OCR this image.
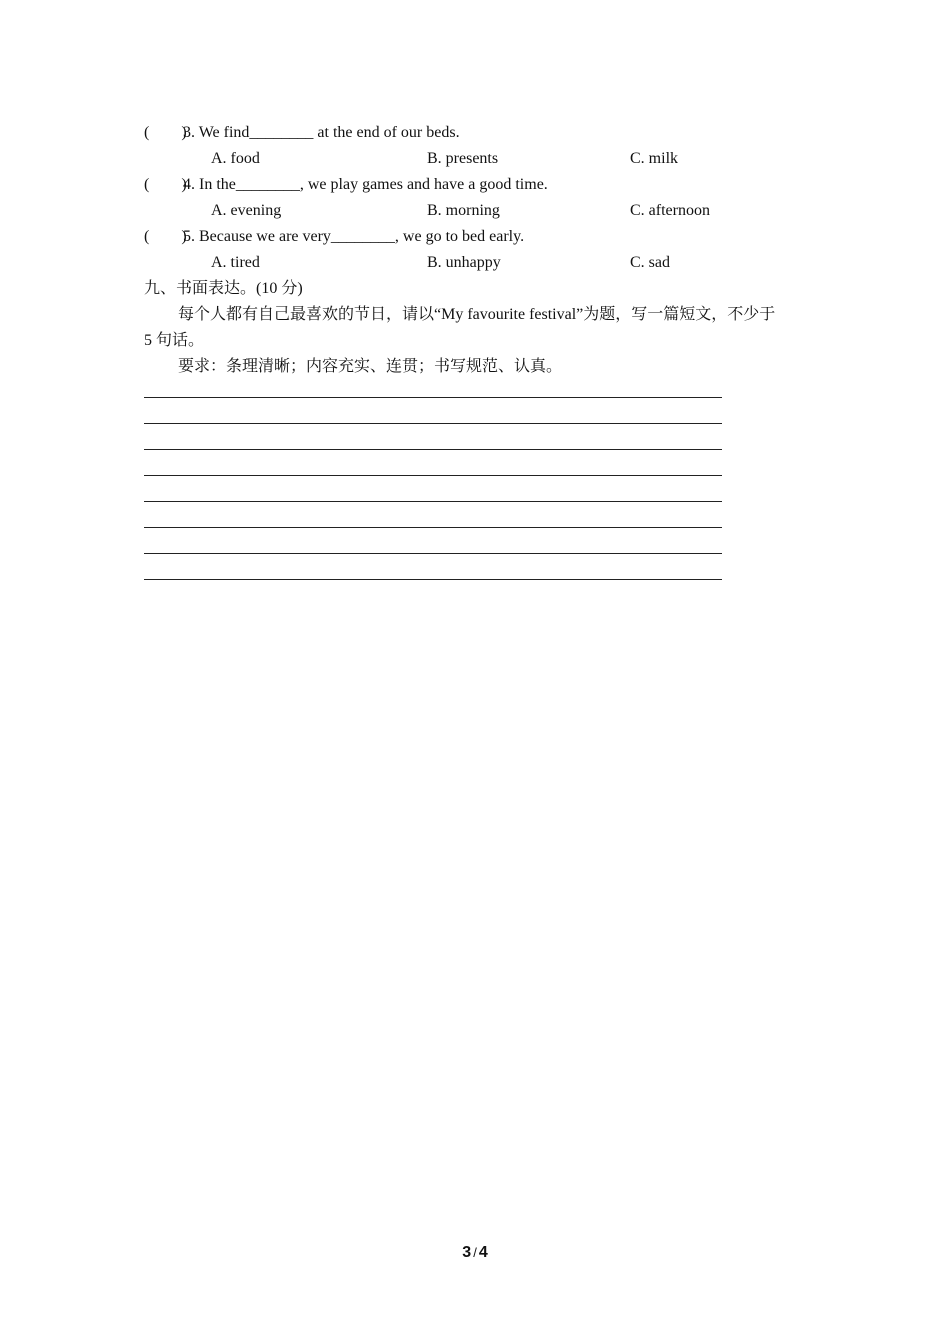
(        )
3. We find________ at the end of our beds.
A. food	B. presents	C. milk
(        )
4. In the________, we play games and have a good time.
A. evening	B. morning	C. afternoon
(        )
5. Because we are very________, we go to bed early.
A. tired	B. unhappy	C. sad
九、书面表达。(10 分)
每个人都有自己最喜欢的节日，请以“My favourite festival”为题，写一篇短文，不少于
5 句话。
要求：条理清晰；内容充实、连贯；书写规范、认真。
3 / 4
